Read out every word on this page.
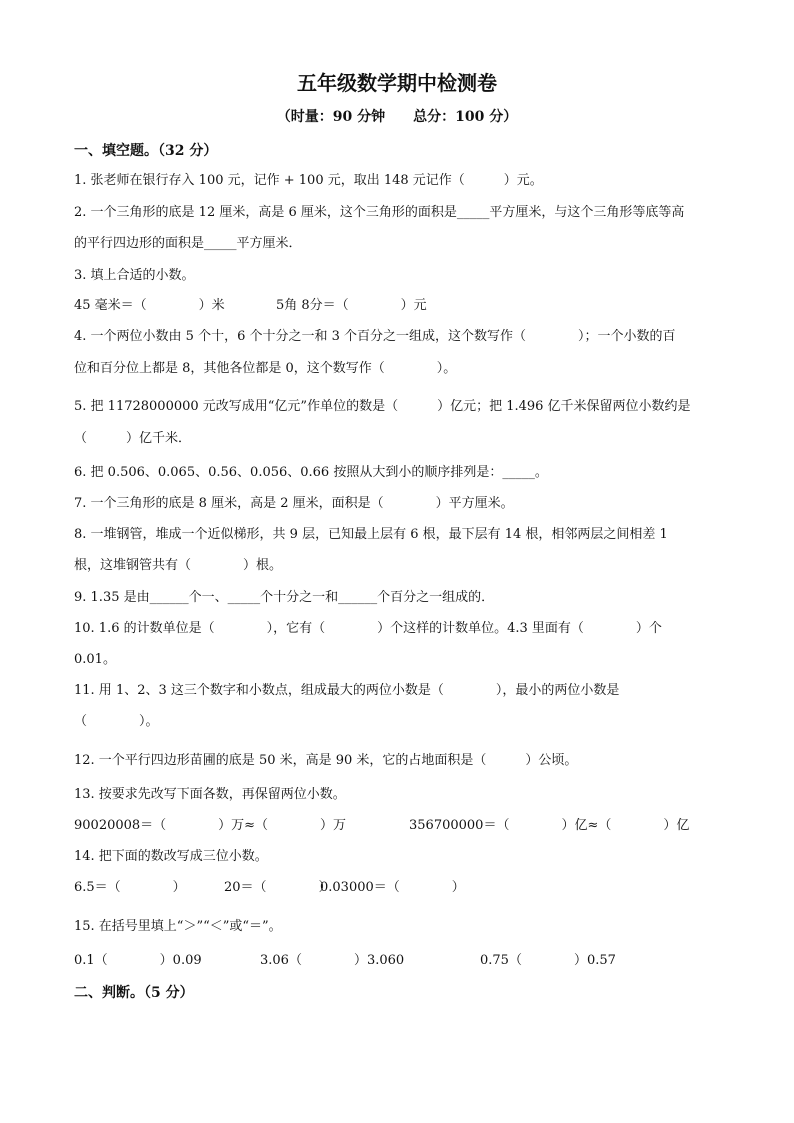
五年级数学期中检测卷
（时量：90 分钟　　总分：100 分）
一、填空题。（32 分）
1. 张老师在银行存入 100 元，记作 + 100 元，取出 148 元记作（　　　）元。
2. 一个三角形的底是 12 厘米，高是 6 厘米，这个三角形的面积是_____平方厘米，与这个三角形等底等高
的平行四边形的面积是_____平方厘米．
3. 填上合适的小数。
45 毫米＝（　　　　）米	5角 8分＝（　　　　）元
4. 一个两位小数由 5 个十，6 个十分之一和 3 个百分之一组成，这个数写作（　　　　）；一个小数的百
位和百分位上都是 8，其他各位都是 0，这个数写作（　　　　）。
5. 把 11728000000 元改写成用“亿元”作单位的数是（　　　）亿元；把 1.496 亿千米保留两位小数约是
（　　　）亿千米．
6. 把 0.506、0.065、0.56、0.056、0.66 按照从大到小的顺序排列是：_____。
7. 一个三角形的底是 8 厘米，高是 2 厘米，面积是（　　　　）平方厘米。
8. 一堆钢管，堆成一个近似梯形，共 9 层，已知最上层有 6 根，最下层有 14 根，相邻两层之间相差 1
根，这堆钢管共有（　　　　）根。
9. 1.35 是由______个一、_____个十分之一和______个百分之一组成的．
10. 1.6 的计数单位是（　　　　），它有（　　　　）个这样的计数单位。4.3 里面有（　　　　）个
0.01。
11. 用 1、2、3 这三个数字和小数点，组成最大的两位小数是（　　　　），最小的两位小数是
（　　　　）。
12. 一个平行四边形苗圃的底是 50 米，高是 90 米，它的占地面积是（　　　）公顷。
13. 按要求先改写下面各数，再保留两位小数。
90020008＝（　　　　）万≈（　　　　）万	356700000＝（　　　　）亿≈（　　　　）亿
14. 把下面的数改写成三位小数。
6.5＝（　　　　）	20＝（　　　　）
0.03000＝（　　　　）
15. 在括号里填上“＞”“＜”或“＝”。
0.1（　　　　）0.09	3.06（　　　　）3.060	0.75（　　　　）0.57
二、判断。（5 分）
